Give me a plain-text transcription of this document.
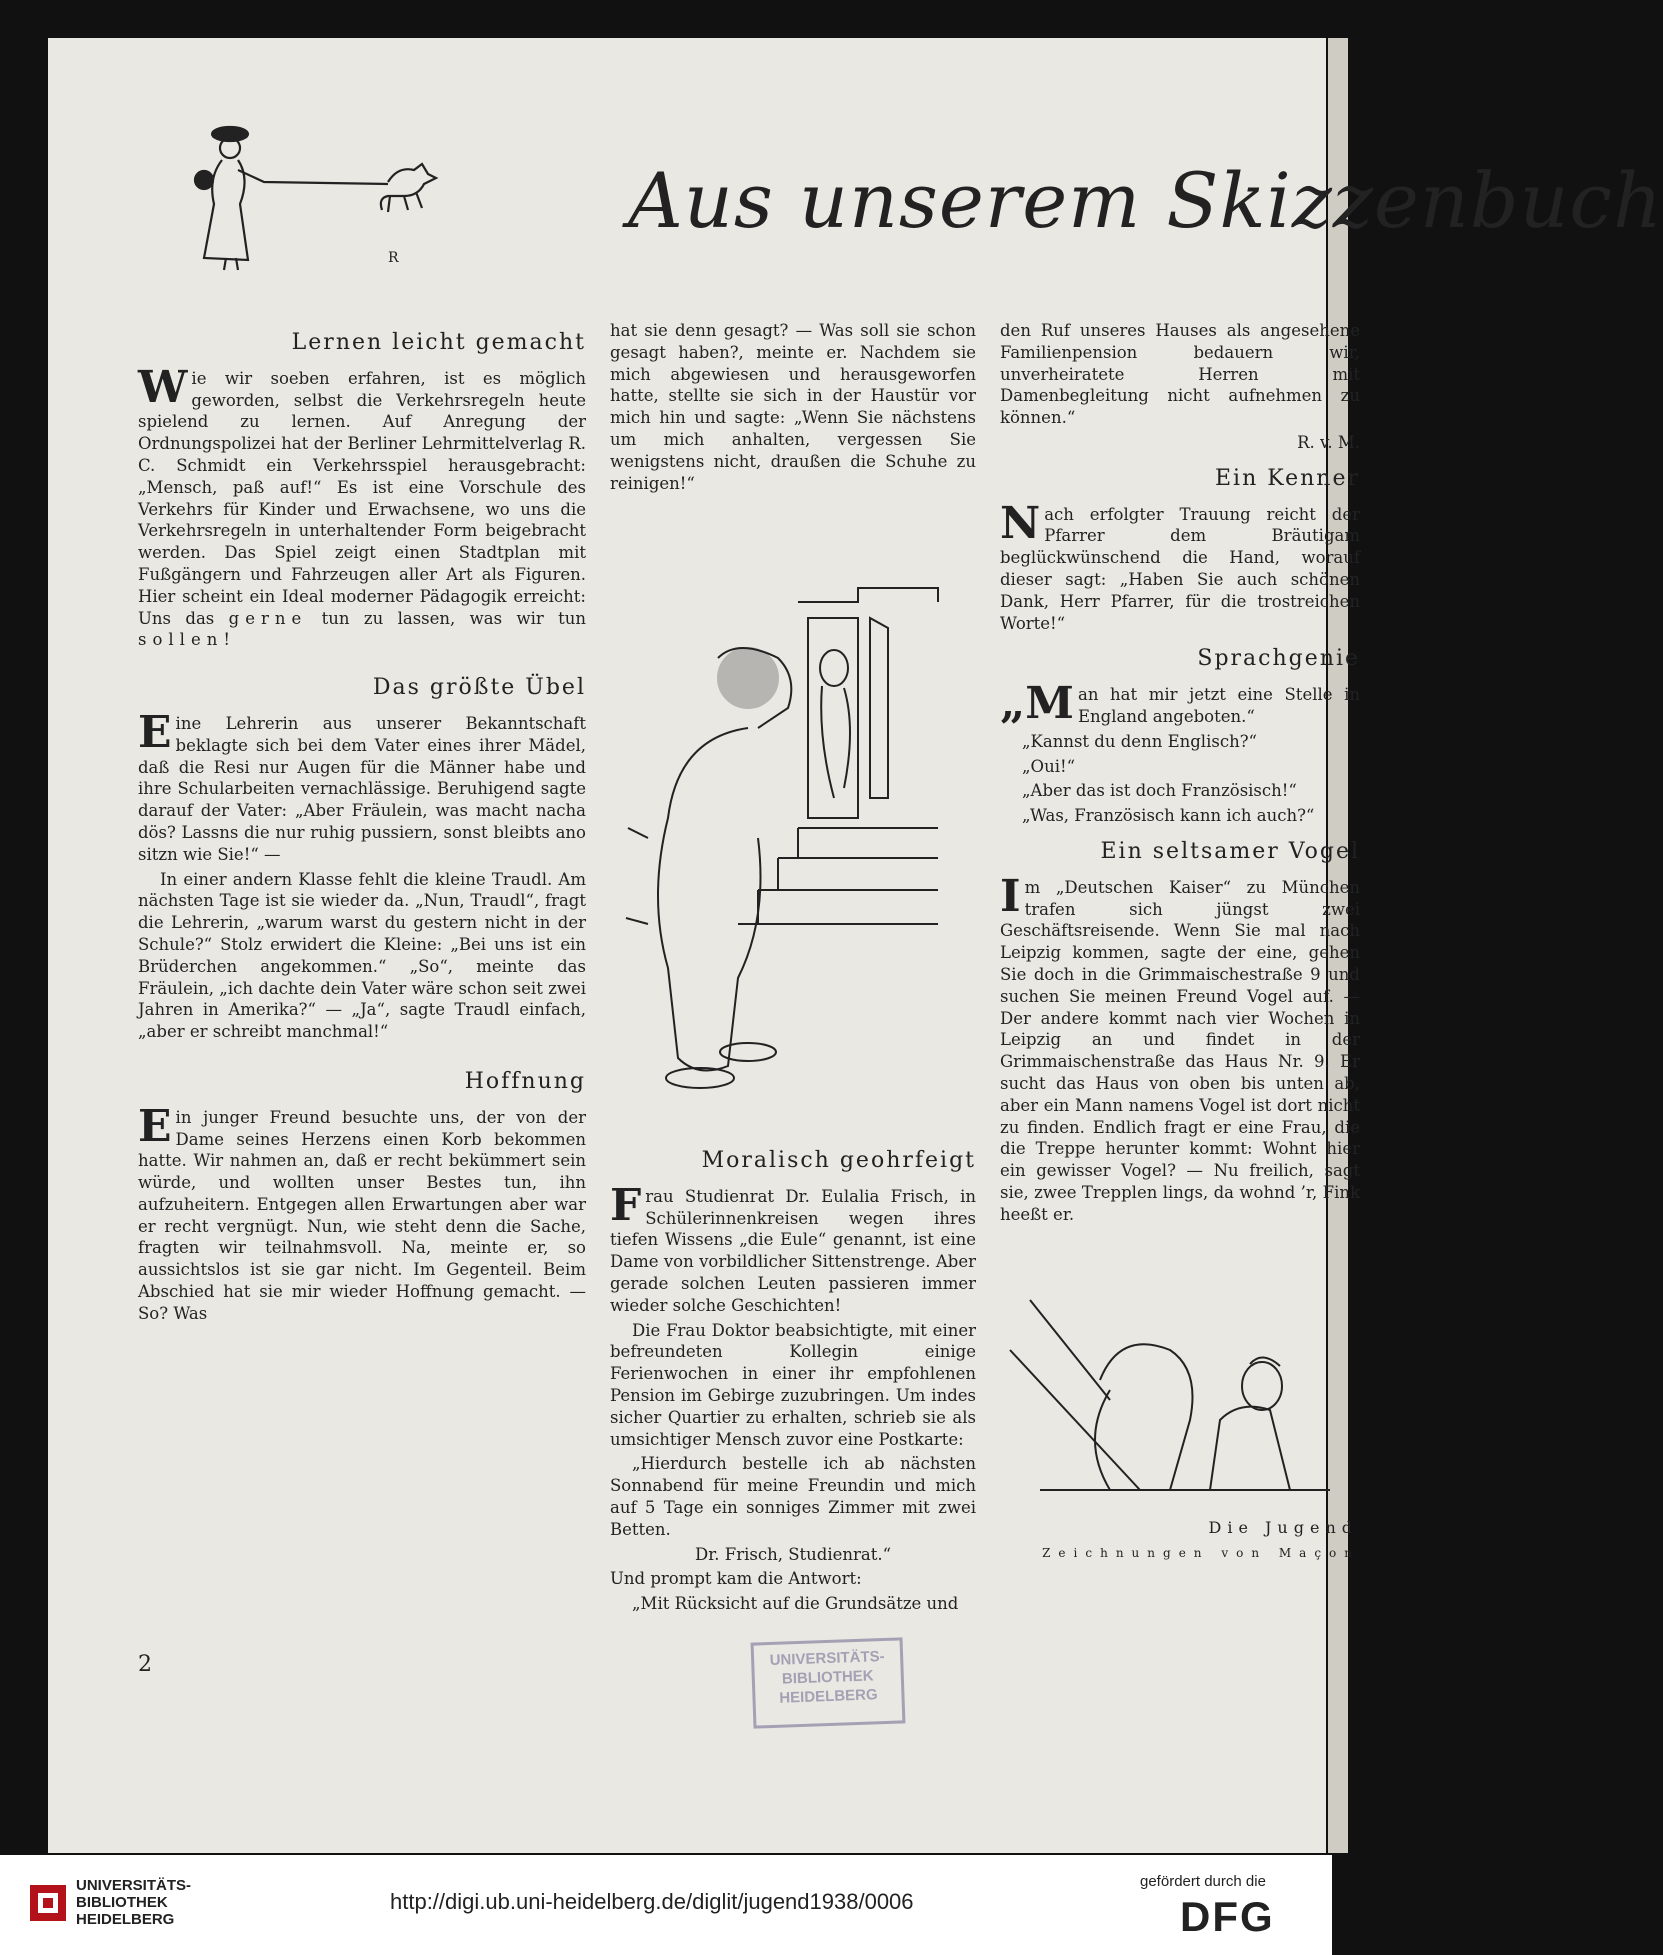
R
Aus unserem Skizzenbuch
Lernen leicht gemacht

Wie wir soeben erfahren, ist es möglich geworden, selbst die Verkehrsregeln heute spielend zu lernen. Auf Anregung der Ordnungspolizei hat der Berliner Lehrmittelverlag R. C. Schmidt ein Verkehrsspiel herausgebracht: „Mensch, paß auf!“ Es ist eine Vorschule des Verkehrs für Kinder und Erwachsene, wo uns die Verkehrsregeln in unterhaltender Form beigebracht werden. Das Spiel zeigt einen Stadtplan mit Fußgängern und Fahrzeugen aller Art als Figuren. Hier scheint ein Ideal moderner Pädagogik erreicht: Uns das gerne tun zu lassen, was wir tun sollen!

Das größte Übel

Eine Lehrerin aus unserer Bekanntschaft beklagte sich bei dem Vater eines ihrer Mädel, daß die Resi nur Augen für die Männer habe und ihre Schularbeiten vernachlässige. Beruhigend sagte darauf der Vater: „Aber Fräulein, was macht nacha dös? Lassns die nur ruhig pussiern, sonst bleibts ano sitzn wie Sie!“ —

In einer andern Klasse fehlt die kleine Traudl. Am nächsten Tage ist sie wieder da. „Nun, Traudl“, fragt die Lehrerin, „warum warst du gestern nicht in der Schule?“ Stolz erwidert die Kleine: „Bei uns ist ein Brüderchen angekommen.“ „So“, meinte das Fräulein, „ich dachte dein Vater wäre schon seit zwei Jahren in Amerika?“ — „Ja“, sagte Traudl einfach, „aber er schreibt manchmal!“

Hoffnung

Ein junger Freund besuchte uns, der von der Dame seines Herzens einen Korb bekommen hatte. Wir nahmen an, daß er recht bekümmert sein würde, und wollten unser Bestes tun, ihn aufzuheitern. Entgegen allen Erwartungen aber war er recht vergnügt. Nun, wie steht denn die Sache, fragten wir teilnahmsvoll. Na, meinte er, so aussichtslos ist sie gar nicht. Im Gegenteil. Beim Abschied hat sie mir wieder Hoffnung gemacht. — So? Was

2

hat sie denn gesagt? — Was soll sie schon gesagt haben?, meinte er. Nachdem sie mich abgewiesen und herausgeworfen hatte, stellte sie sich in der Haustür vor mich hin und sagte: „Wenn Sie nächstens um mich anhalten, vergessen Sie wenigstens nicht, draußen die Schuhe zu reinigen!“

Moralisch geohrfeigt

Frau Studienrat Dr. Eulalia Frisch, in Schülerinnenkreisen wegen ihres tiefen Wissens „die Eule“ genannt, ist eine Dame von vorbildlicher Sittenstrenge. Aber gerade solchen Leuten passieren immer wieder solche Geschichten!

Die Frau Doktor beabsichtigte, mit einer befreundeten Kollegin einige Ferienwochen in einer ihr empfohlenen Pension im Gebirge zuzubringen. Um indes sicher Quartier zu erhalten, schrieb sie als umsichtiger Mensch zuvor eine Postkarte:

„Hierdurch bestelle ich ab nächsten Sonnabend für meine Freundin und mich auf 5 Tage ein sonniges Zimmer mit zwei Betten.

Dr. Frisch, Studienrat.“

Und prompt kam die Antwort:

„Mit Rücksicht auf die Grundsätze und

den Ruf unseres Hauses als angesehene Familienpension bedauern wir, unverheiratete Herren mit Damenbegleitung nicht aufnehmen zu können.“

R. v. M.

Ein Kenner

Nach erfolgter Trauung reicht der Pfarrer dem Bräutigam beglückwünschend die Hand, worauf dieser sagt: „Haben Sie auch schönen Dank, Herr Pfarrer, für die trostreichen Worte!“

Sprachgenie

„Man hat mir jetzt eine Stelle in England angeboten.“

„Kannst du denn Englisch?“

„Oui!“

„Aber das ist doch Französisch!“

„Was, Französisch kann ich auch?“

Ein seltsamer Vogel

Im „Deutschen Kaiser“ zu München trafen sich jüngst zwei Geschäftsreisende. Wenn Sie mal nach Leipzig kommen, sagte der eine, gehen Sie doch in die Grimmaischestraße 9 und suchen Sie meinen Freund Vogel auf. — Der andere kommt nach vier Wochen in Leipzig an und findet in der Grimmaischenstraße das Haus Nr. 9. Er sucht das Haus von oben bis unten ab, aber ein Mann namens Vogel ist dort nicht zu finden. Endlich fragt er eine Frau, die die Treppe herunter kommt: Wohnt hier ein gewisser Vogel? — Nu freilich, sagt sie, zwee Trepplen lings, da wohnd ’r, Fink heeßt er.

Die Jugend
Zeichnungen von Maçon
UNIVERSITÄTS-
BIBLIOTHEK
HEIDELBERG
UNIVERSITÄTS-
BIBLIOTHEK
HEIDELBERG
http://digi.ub.uni-heidelberg.de/diglit/jugend1938/0006
gefördert durch die
DFG
